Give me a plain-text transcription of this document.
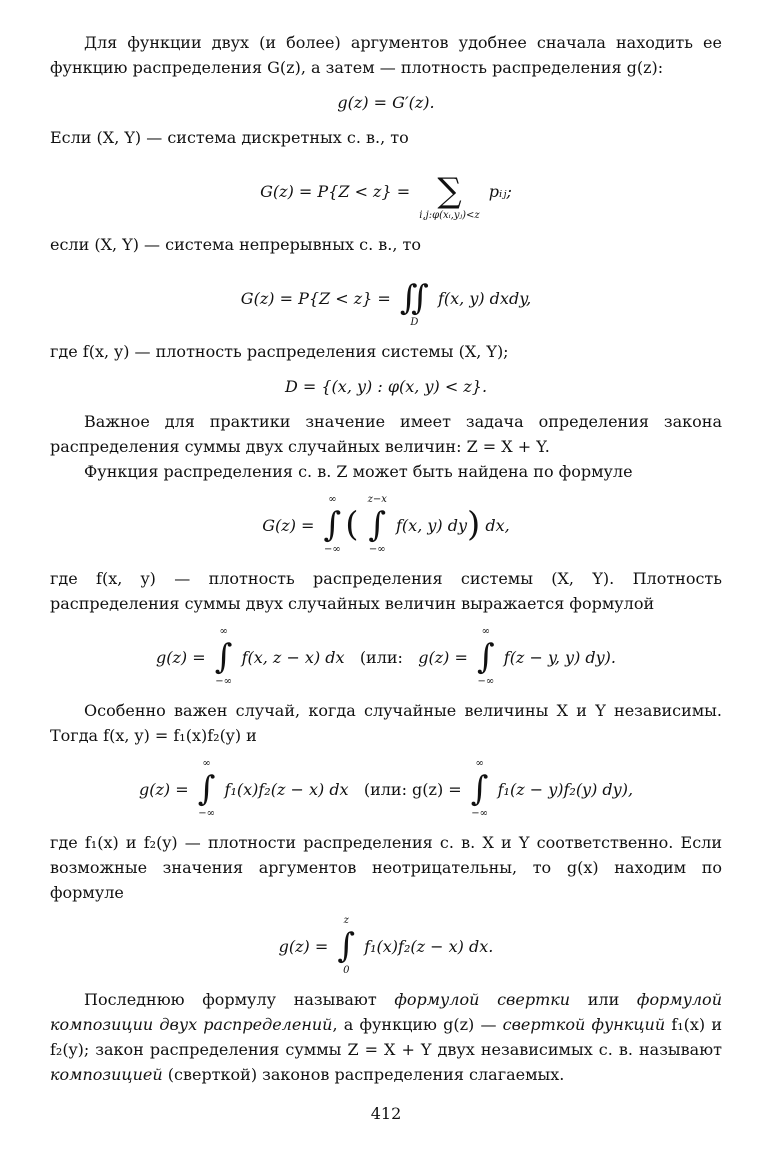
Для функции двух (и более) аргументов удобнее сначала находить ее функцию распределения G(z), а затем — плотность распределения g(z):

g(z) = G′(z).

Если (X, Y) — система дискретных с. в., то

G(z) = P{Z < z} = ∑
i,j:φ(xᵢ,yⱼ)<z
pᵢⱼ;

если (X, Y) — система непрерывных с. в., то

G(z) = P{Z < z} = ∬
D
f(x, y) dxdy,

где f(x, y) — плотность распределения системы (X, Y);

D = {(x, y) : φ(x, y) < z}.

Важное для практики значение имеет задача определения закона распределения суммы двух случайных величин: Z = X + Y.

Функция распределения с. в. Z может быть найдена по формуле

G(z) =
∞
∫
−∞
(
z−x
∫
−∞
f(x, y) dy) dx,

где f(x, y) — плотность распределения системы (X, Y). Плотность распределения суммы двух случайных величин выражается формулой

g(z) =
∞
∫
−∞
f(x, z − x) dx (или: g(z) =
∞
∫
−∞
f(z − y, y) dy).

Особенно важен случай, когда случайные величины X и Y независимы. Тогда f(x, y) = f₁(x)f₂(y) и

g(z) =
∞
∫
−∞
f₁(x)f₂(z − x) dx (или: g(z) =
∞
∫
−∞
f₁(z − y)f₂(y) dy),

где f₁(x) и f₂(y) — плотности распределения с. в. X и Y соответственно. Если возможные значения аргументов неотрицательны, то g(x) находим по формуле

g(z) =
z
∫
0
f₁(x)f₂(z − x) dx.

Последнюю формулу называют формулой свертки или формулой композиции двух распределений, а функцию g(z) — сверткой функций f₁(x) и f₂(y); закон распределения суммы Z = X + Y двух независимых с. в. называют композицией (сверткой) законов распределения слагаемых.

412
